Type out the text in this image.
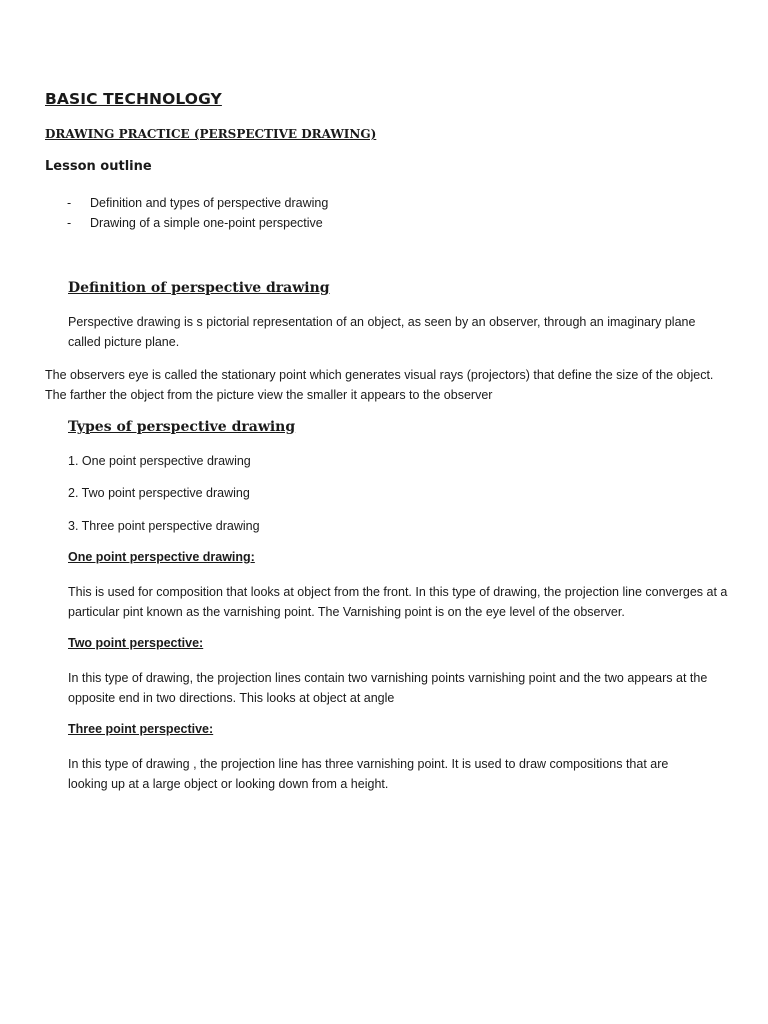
BASIC TECHNOLOGY
DRAWING PRACTICE (PERSPECTIVE DRAWING)
Lesson outline
- Definition and types of perspective drawing
- Drawing of a simple one-point perspective
Definition of perspective drawing

Perspective drawing is s pictorial representation of an object, as seen by an observer, through an imaginary plane called picture plane.

The observers eye is called the stationary point which generates visual rays (projectors) that define the size of the object. The farther the object from the picture view the smaller it appears to the observer

Types of perspective drawing

1. One point perspective drawing

2. Two point perspective drawing

3. Three point perspective drawing

One point perspective drawing:

This is used for composition that looks at object from the front. In this type of drawing, the projection line converges at a particular pint known as the varnishing point. The Varnishing point is on the eye level of the observer.

Two point perspective:

In this type of drawing, the projection lines contain two varnishing points varnishing point and the two appears at the opposite end in two directions. This looks at object at angle

Three point perspective:

In this type of drawing , the projection line has three varnishing point. It is used to draw compositions that are looking up at a large object or looking down from a height.
